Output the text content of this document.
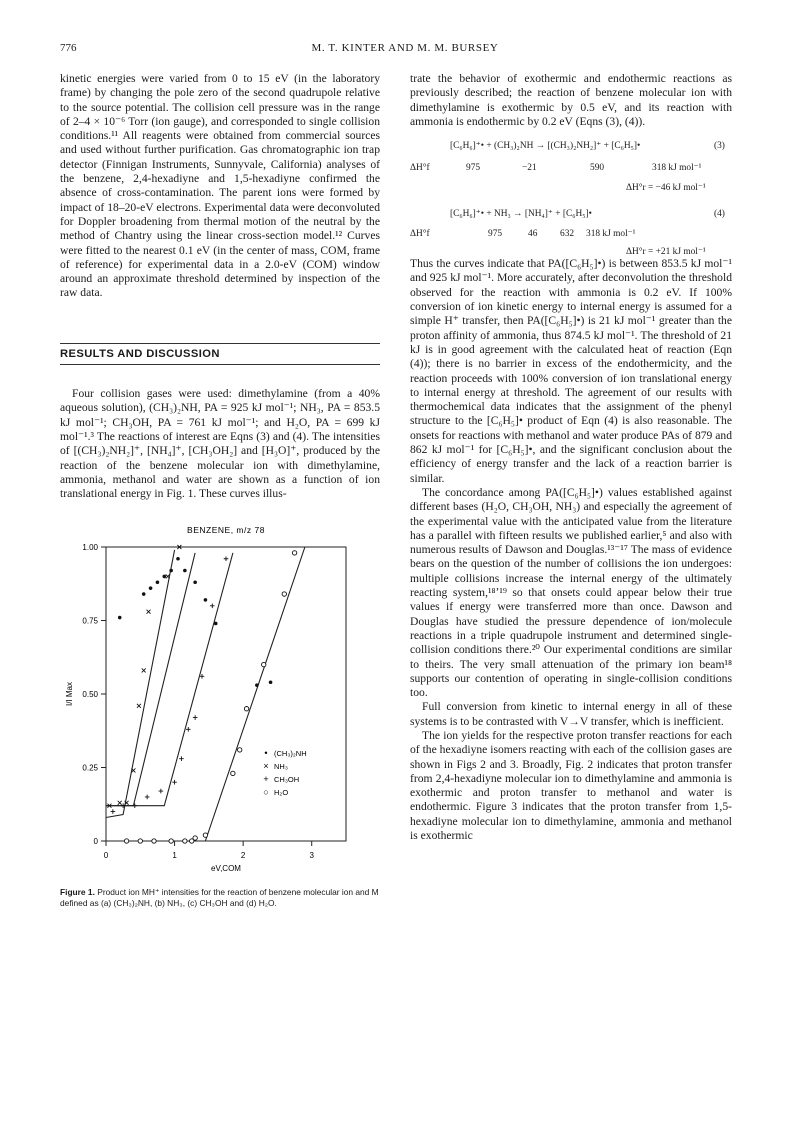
776	M. T. KINTER AND M. M. BURSEY

kinetic energies were varied from 0 to 15 eV (in the laboratory frame) by changing the pole zero of the second quadrupole relative to the source potential. The collision cell pressure was in the range of 2–4 × 10⁻⁶ Torr (ion gauge), and corresponded to single collision conditions.¹¹ All reagents were obtained from commercial sources and used without further purification. Gas chromatographic ion trap detector (Finnigan Instruments, Sunnyvale, California) analyses of the benzene, 2,4-hexadiyne and 1,5-hexadiyne confirmed the absence of cross-contamination. The parent ions were formed by impact of 18–20-eV electrons. Experimental data were deconvoluted for Doppler broadening from thermal motion of the neutral by the method of Chantry using the linear cross-section model.¹² Curves were fitted to the nearest 0.1 eV (in the center of mass, COM, frame of reference) for experimental data in a 2.0-eV (COM) window around an approximate threshold determined by inspection of the raw data.

RESULTS AND DISCUSSION

Four collision gases were used: dimethylamine (from a 40% aqueous solution), (CH₃)₂NH, PA = 925 kJ mol⁻¹; NH₃, PA = 853.5 kJ mol⁻¹; CH₃OH, PA = 761 kJ mol⁻¹; and H₂O, PA = 699 kJ mol⁻¹.³ The reactions of interest are Eqns (3) and (4). The intensities of [(CH₃)₂NH₂]⁺, [NH₄]⁺, [CH₃OH₂] and [H₃O]⁺, produced by the reaction of the benzene molecular ion with dimethylamine, ammonia, methanol and water are shown as a function of ion translational energy in Fig. 1. These curves illus-

BENZENE, m/z 78
0
0.25
0.50
0.75
1.00
0	1	2	3
eV,COM
I/I Max
• (CH₃)₂NH
× NH₃
+ CH₃OH
○ H₂O
Figure 1. Product ion MH⁺ intensities for the reaction of benzene molecular ion and M defined as (a) (CH₃)₂NH, (b) NH₃, (c) CH₃OH and (d) H₂O.

trate the behavior of exothermic and endothermic reactions as previously described; the reaction of benzene molecular ion with dimethylamine is exothermic by 0.5 eV, and its reaction with ammonia is endothermic by 0.2 eV (Eqns (3), (4)).

[C₆H₆]⁺• + (CH₃)₂NH → [(CH₃)₂NH₂]⁺ + [C₆H₅]•	(3)
ΔH°f	975	−21	590	318 kJ mol⁻¹
ΔH°r = −46 kJ mol⁻¹
[C₆H₆]⁺• + NH₃ → [NH₄]⁺ + [C₆H₅]•	(4)
ΔH°f	975	46 632 318 kJ mol⁻¹
ΔH°r = +21 kJ mol⁻¹

Thus the curves indicate that PA([C₆H₅]•) is between 853.5 kJ mol⁻¹ and 925 kJ mol⁻¹. More accurately, after deconvolution the threshold observed for the reaction with ammonia is 0.2 eV. If 100% conversion of ion kinetic energy to internal energy is assumed for a simple H⁺ transfer, then PA([C₆H₅]•) is 21 kJ mol⁻¹ greater than the proton affinity of ammonia, thus 874.5 kJ mol⁻¹. The threshold of 21 kJ is in good agreement with the calculated heat of reaction (Eqn (4)); there is no barrier in excess of the endothermicity, and the reaction proceeds with 100% conversion of ion translational energy to internal energy at threshold. The agreement of our results with thermochemical data indicates that the assignment of the phenyl structure to the [C₆H₅]• product of Eqn (4) is also reasonable. The onsets for reactions with methanol and water produce PAs of 879 and 862 kJ mol⁻¹ for [C₆H₅]•, and the significant conclusion about the efficiency of energy transfer and the lack of a reaction barrier is similar.

The concordance among PA([C₆H₅]•) values established against different bases (H₂O, CH₃OH, NH₃) and especially the agreement of the experimental value with the anticipated value from the literature has a parallel with fifteen results we published earlier,⁵ and also with numerous results of Dawson and Douglas.¹³⁻¹⁷ The mass of evidence bears on the question of the number of collisions the ion undergoes: multiple collisions increase the internal energy of the ultimately reacting system,¹⁸ʼ¹⁹ so that onsets could appear below their true values if energy were transferred more than once. Dawson and Douglas have studied the pressure dependence of ion/molecule reactions in a triple quadrupole instrument and determined single-collision conditions there.²⁰ Our experimental conditions are similar to theirs. The very small attenuation of the primary ion beam¹⁸ supports our contention of operating in single-collision conditions too.

Full conversion from kinetic to internal energy in all of these systems is to be contrasted with V→V transfer, which is inefficient.

The ion yields for the respective proton transfer reactions for each of the hexadiyne isomers reacting with each of the collision gases are shown in Figs 2 and 3. Broadly, Fig. 2 indicates that proton transfer from 2,4-hexadiyne molecular ion to dimethylamine and ammonia is exothermic and proton transfer to methanol and water is endothermic. Figure 3 indicates that the proton transfer from 1,5-hexadiyne molecular ion to dimethylamine, ammonia and methanol is exothermic
